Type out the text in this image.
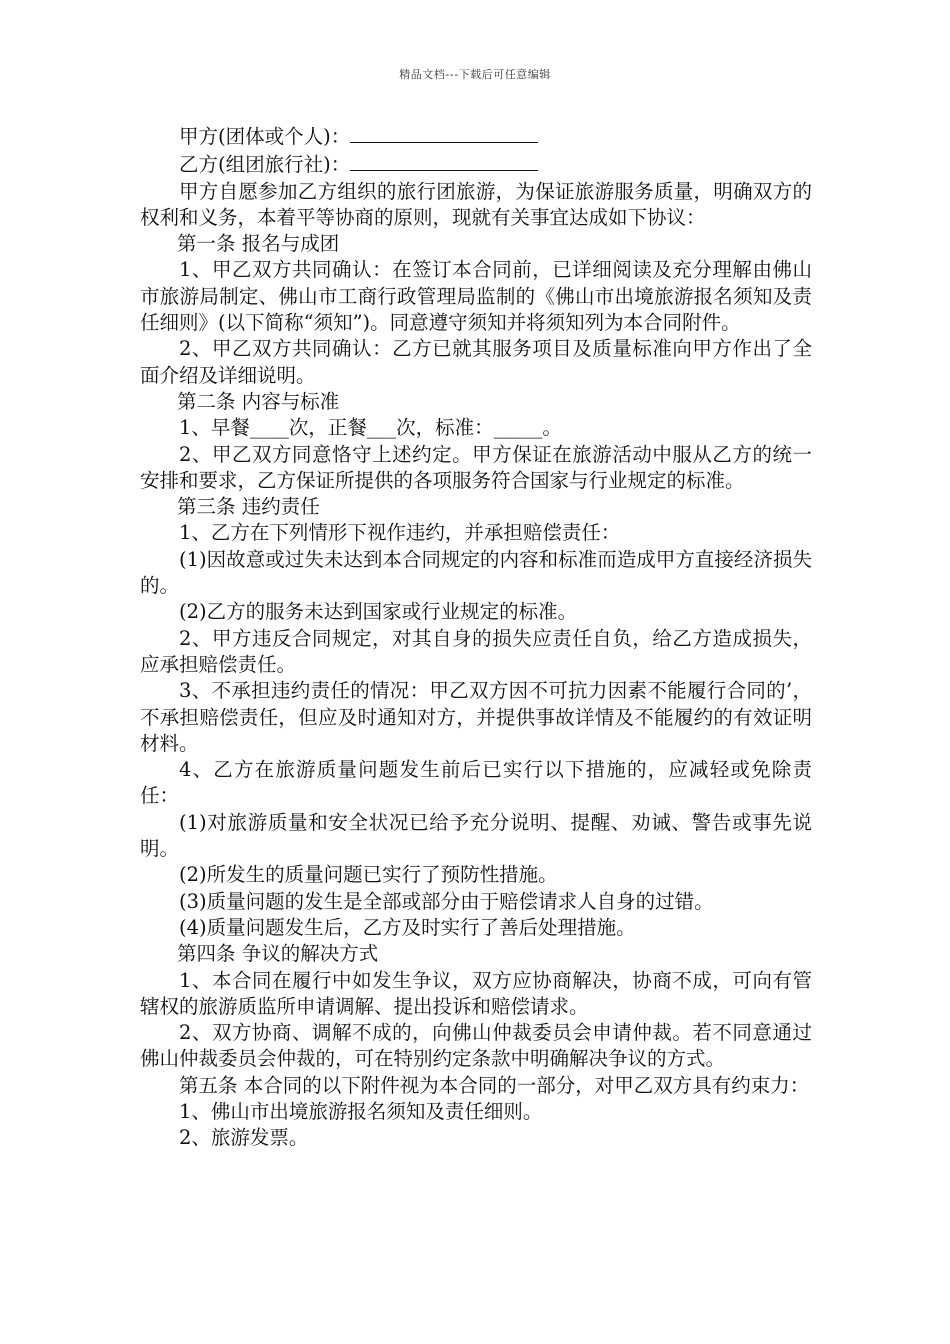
精品文档---下载后可任意编辑

甲方(团体或个人)：

乙方(组团旅行社)：

甲方自愿参加乙方组织的旅行团旅游，为保证旅游服务质量，明确双方的权利和义务，本着平等协商的原则，现就有关事宜达成如下协议：

第一条 报名与成团

1、甲乙双方共同确认：在签订本合同前，已详细阅读及充分理解由佛山市旅游局制定、佛山市工商行政管理局监制的《佛山市出境旅游报名须知及责任细则》(以下简称“须知”)。同意遵守须知并将须知列为本合同附件。

2、甲乙双方共同确认：乙方已就其服务项目及质量标准向甲方作出了全面介绍及详细说明。

第二条 内容与标准

1、早餐____次，正餐___次，标准：_____。

2、甲乙双方同意恪守上述约定。甲方保证在旅游活动中服从乙方的统一安排和要求，乙方保证所提供的各项服务符合国家与行业规定的标准。

第三条 违约责任

1、乙方在下列情形下视作违约，并承担赔偿责任：

(1)因故意或过失未达到本合同规定的内容和标准而造成甲方直接经济损失的。

(2)乙方的服务未达到国家或行业规定的标准。

2、甲方违反合同规定，对其自身的损失应责任自负，给乙方造成损失，应承担赔偿责任。

3、不承担违约责任的情况：甲乙双方因不可抗力因素不能履行合同的’，不承担赔偿责任，但应及时通知对方，并提供事故详情及不能履约的有效证明材料。

4、乙方在旅游质量问题发生前后已实行以下措施的，应减轻或免除责任：

(1)对旅游质量和安全状况已给予充分说明、提醒、劝诫、警告或事先说明。

(2)所发生的质量问题已实行了预防性措施。

(3)质量问题的发生是全部或部分由于赔偿请求人自身的过错。

(4)质量问题发生后，乙方及时实行了善后处理措施。

第四条 争议的解决方式

1、本合同在履行中如发生争议，双方应协商解决，协商不成，可向有管辖权的旅游质监所申请调解、提出投诉和赔偿请求。

2、双方协商、调解不成的，向佛山仲裁委员会申请仲裁。若不同意通过佛山仲裁委员会仲裁的，可在特别约定条款中明确解决争议的方式。

第五条 本合同的以下附件视为本合同的一部分，对甲乙双方具有约束力：

1、佛山市出境旅游报名须知及责任细则。

2、旅游发票。
